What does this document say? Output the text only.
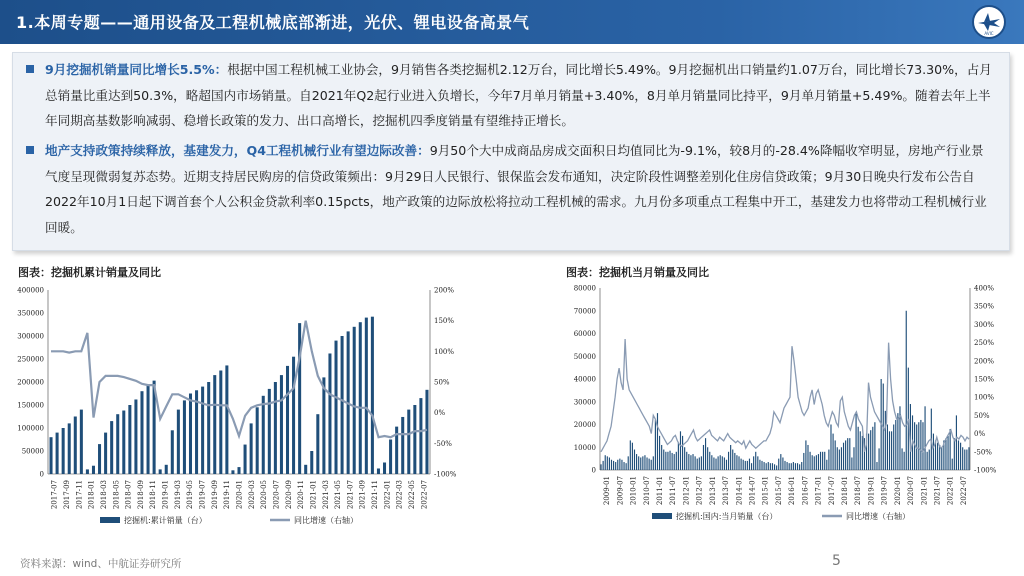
1.本周专题——通用设备及工程机械底部渐进，光伏、锂电设备高景气
AVIC
9月挖掘机销量同比增长5.5%：根据中国工程机械工业协会，9月销售各类挖掘机2.12万台，同比增长5.49%。9月挖掘机出口销量约1.07万台，同比增长73.30%，占月总销量比重达到50.3%，略超国内市场销量。自2021年Q2起行业进入负增长，今年7月单月销量+3.40%，8月单月销量同比持平，9月单月销量+5.49%。随着去年上半年同期高基数影响减弱、稳增长政策的发力、出口高增长，挖掘机四季度销量有望维持正增长。
地产支持政策持续释放，基建发力，Q4工程机械行业有望边际改善：9月50个大中成商品房成交面积日均值同比为-9.1%，较8月的-28.4%降幅收窄明显，房地产行业景气度呈现微弱复苏态势。近期支持居民购房的信贷政策频出：9月29日人民银行、银保监会发布通知，决定阶段性调整差别化住房信贷政策；9月30日晚央行发布公告自2022年10月1日起下调首套个人公积金贷款利率0.15pcts，地产政策的边际放松将拉动工程机械的需求。九月份多项重点工程集中开工，基建发力也将带动工程机械行业回暖。
图表：挖掘机累计销量及同比	图表：挖掘机当月销量及同比
0
50000
100000
150000
200000
250000
300000
350000
400000
-100%
-50%
0%
50%
100%
150%
200%
2017-07 2017-09 2017-11 2018-01 2018-03 2018-05 2018-07 2018-09 2018-11 2019-01 2019-03 2019-05 2019-07 2019-09 2019-11 2020-01 2020-03 2020-05 2020-07 2020-09 2020-11 2021-01 2021-03 2021-05 2021-07 2021-09 2021-11 2022-01 2022-03 2022-05 2022-07
挖掘机:累计销量（台）	同比增速（右轴）
0
10000
20000
30000
40000
50000
60000
70000
80000
-100%
-50%
0%
50%
100%
150%
200%
250%
300%
350%
400%
2009-01 2009-07 2010-01 2010-07 2011-01 2011-07 2012-01 2012-07 2013-01 2013-07 2014-01 2014-07 2015-01 2015-07 2016-01 2016-07 2017-01 2017-07 2018-01 2018-07 2019-01 2019-07 2020-01 2020-07 2021-01 2021-07 2022-01 2022-07
挖掘机:国内:当月销量（台）	同比增速（右轴）
资料来源：wind、中航证券研究所	5
